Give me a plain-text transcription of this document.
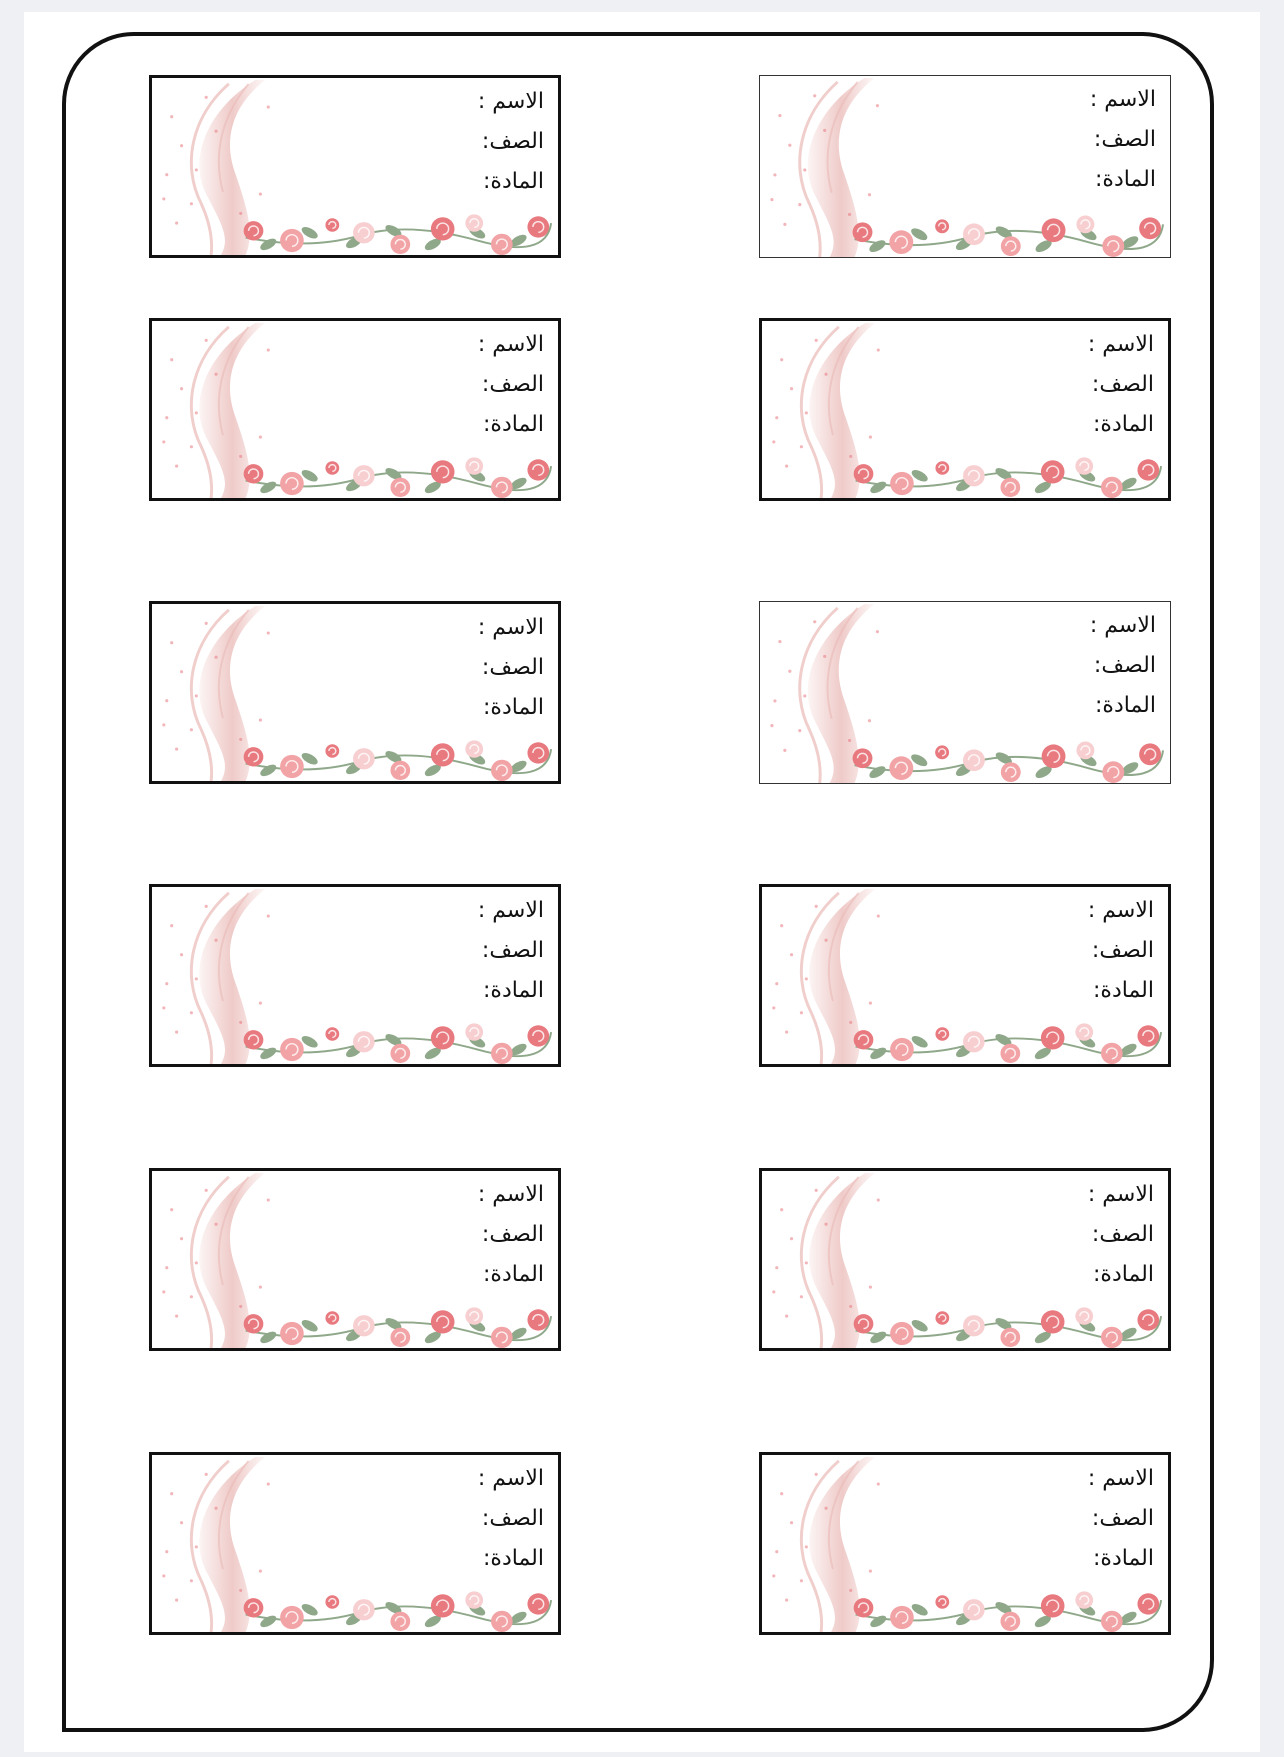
الاسم :
الصف:
المادة:
الاسم :
الصف:
المادة:
الاسم :
الصف:
المادة:
الاسم :
الصف:
المادة:
الاسم :
الصف:
المادة:
الاسم :
الصف:
المادة:
الاسم :
الصف:
المادة:
الاسم :
الصف:
المادة:
الاسم :
الصف:
المادة:
الاسم :
الصف:
المادة:
الاسم :
الصف:
المادة:
الاسم :
الصف:
المادة:
